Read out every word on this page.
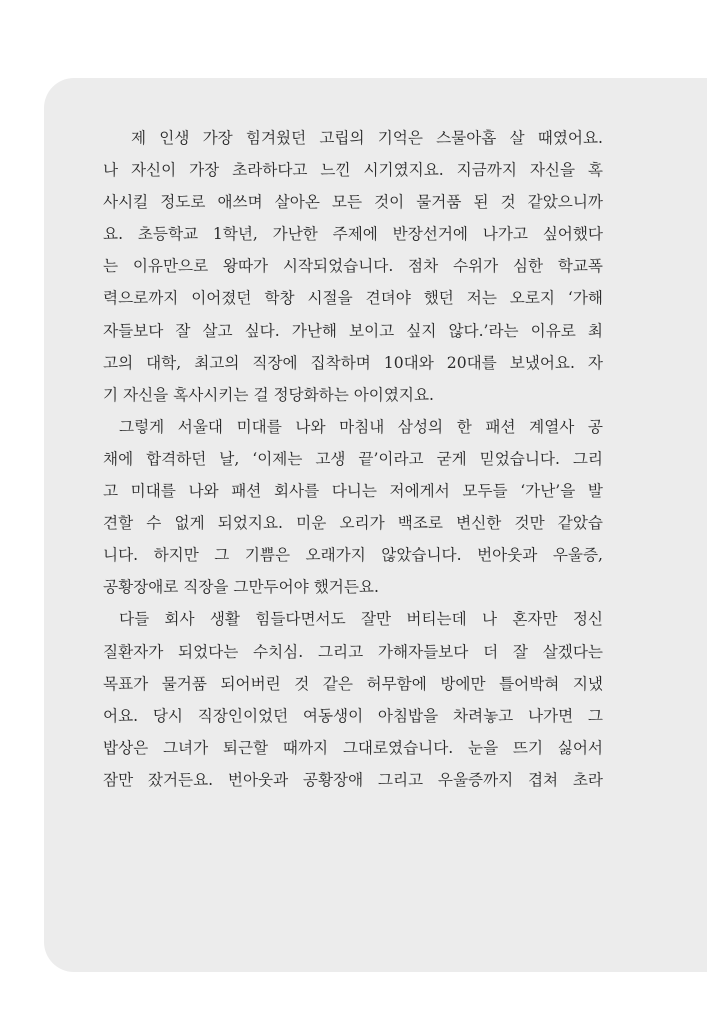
제 인생 가장 힘겨웠던 고립의 기억은 스물아홉 살 때였어요.
나 자신이 가장 초라하다고 느낀 시기였지요. 지금까지 자신을 혹
사시킬 정도로 애쓰며 살아온 모든 것이 물거품 된 것 같았으니까
요. 초등학교 1학년, 가난한 주제에 반장선거에 나가고 싶어했다
는 이유만으로 왕따가 시작되었습니다. 점차 수위가 심한 학교폭
력으로까지 이어졌던 학창 시절을 견뎌야 했던 저는 오로지 ‘가해
자들보다 잘 살고 싶다. 가난해 보이고 싶지 않다.’라는 이유로 최
고의 대학, 최고의 직장에 집착하며 10대와 20대를 보냈어요. 자
기 자신을 혹사시키는 걸 정당화하는 아이였지요.
그렇게 서울대 미대를 나와 마침내 삼성의 한 패션 계열사 공
채에 합격하던 날, ‘이제는 고생 끝’이라고 굳게 믿었습니다. 그리
고 미대를 나와 패션 회사를 다니는 저에게서 모두들 ‘가난’을 발
견할 수 없게 되었지요. 미운 오리가 백조로 변신한 것만 같았습
니다. 하지만 그 기쁨은 오래가지 않았습니다. 번아웃과 우울증,
공황장애로 직장을 그만두어야 했거든요.
다들 회사 생활 힘들다면서도 잘만 버티는데 나 혼자만 정신
질환자가 되었다는 수치심. 그리고 가해자들보다 더 잘 살겠다는
목표가 물거품 되어버린 것 같은 허무함에 방에만 틀어박혀 지냈
어요. 당시 직장인이었던 여동생이 아침밥을 차려놓고 나가면 그
밥상은 그녀가 퇴근할 때까지 그대로였습니다. 눈을 뜨기 싫어서
잠만 잤거든요. 번아웃과 공황장애 그리고 우울증까지 겹쳐 초라
